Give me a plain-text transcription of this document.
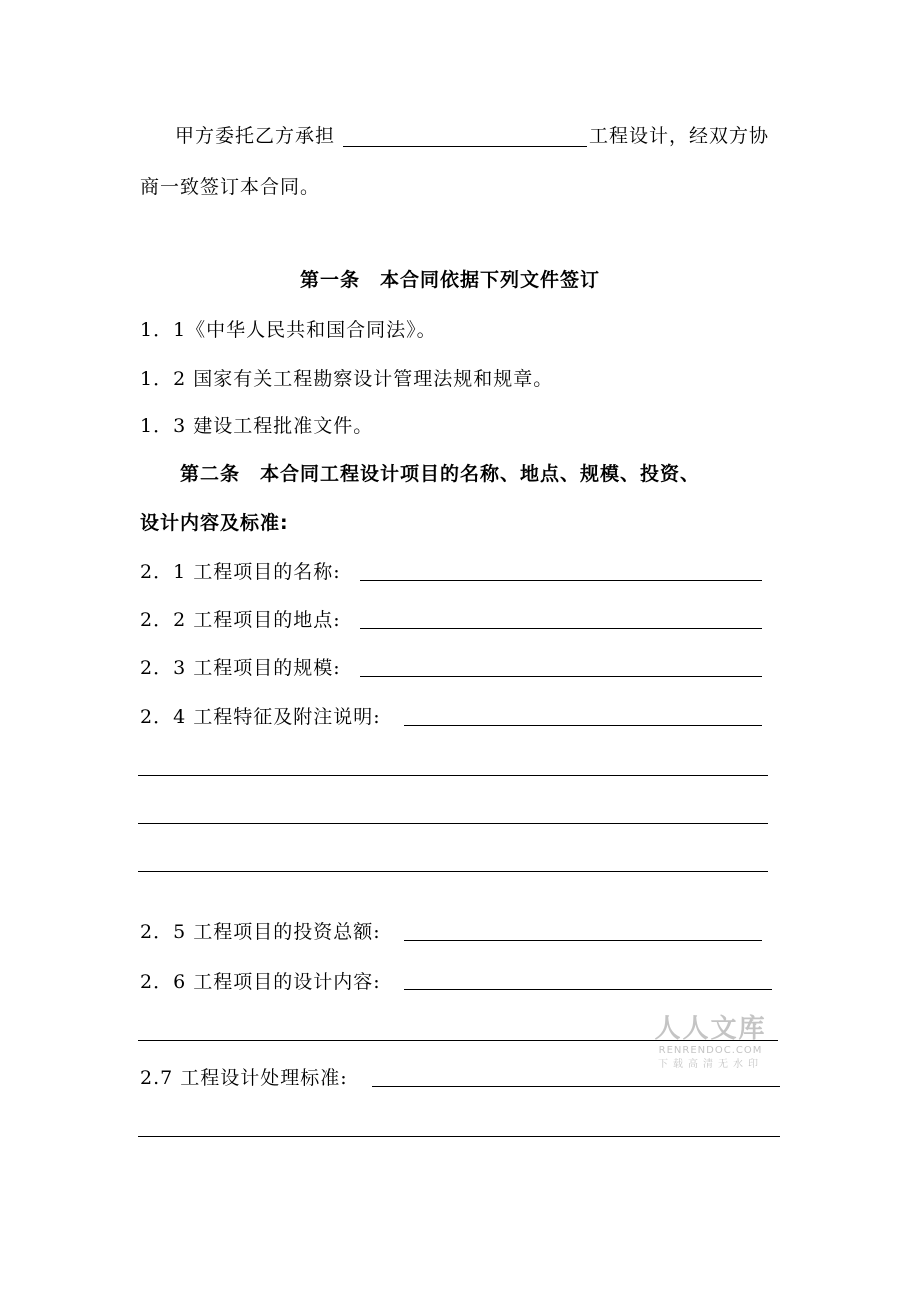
甲方委托乙方承担	工程设计，经双方协
商一致签订本合同。
第一条　本合同依据下列文件签订
1．1《中华人民共和国合同法》。
1．2 国家有关工程勘察设计管理法规和规章。
1．3 建设工程批准文件。
第二条　本合同工程设计项目的名称、地点、规模、投资、
设计内容及标准:
2．1 工程项目的名称:
2．2 工程项目的地点:
2．3 工程项目的规模:
2．4 工程特征及附注说明:
2．5 工程项目的投资总额:
2．6 工程项目的设计内容:
2.7 工程设计处理标准:
人人文库
RENRENDOC.COM
下载高清无水印
